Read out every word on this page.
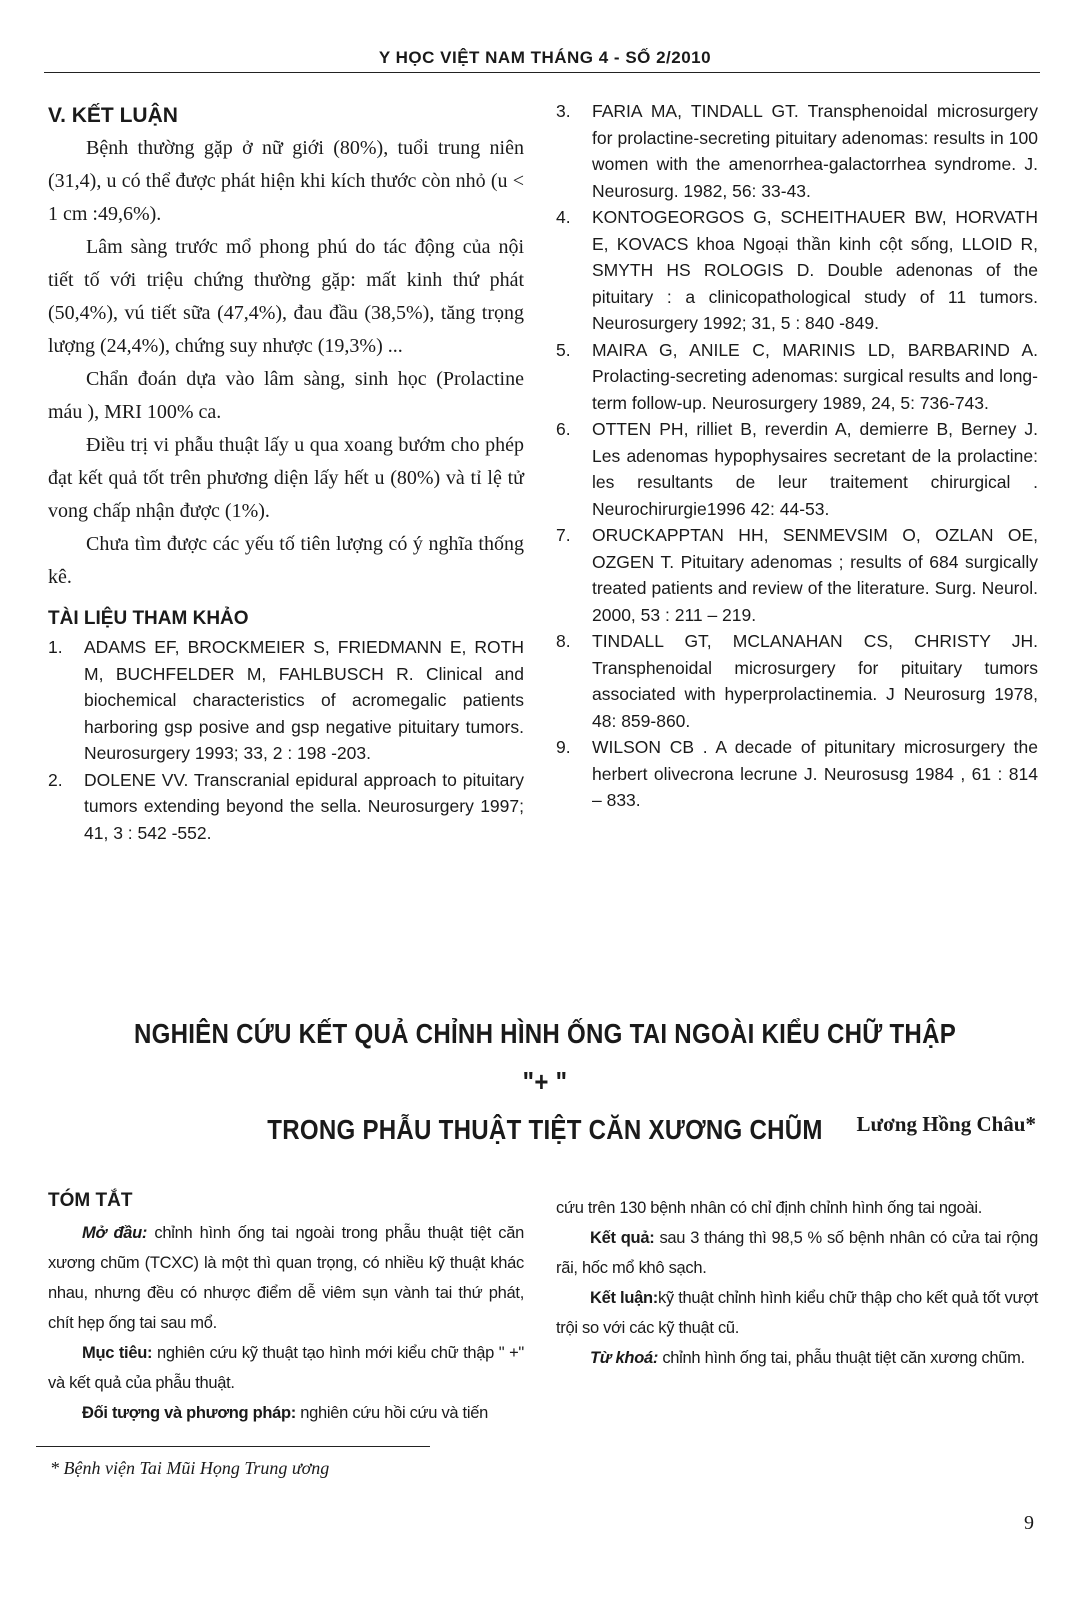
Y HỌC VIỆT NAM THÁNG 4 - SỐ 2/2010
V. KẾT LUẬN

Bệnh thường gặp ở nữ giới (80%), tuổi trung niên (31,4), u có thể được phát hiện khi kích thước còn nhỏ (u < 1 cm :49,6%).

Lâm sàng trước mổ phong phú do tác động của nội tiết tố với triệu chứng thường gặp: mất kinh thứ phát (50,4%), vú tiết sữa (47,4%), đau đầu (38,5%), tăng trọng lượng (24,4%), chứng suy nhược (19,3%) ...

Chẩn đoán dựa vào lâm sàng, sinh học (Prolactine máu ), MRI 100% ca.

Điều trị vi phẫu thuật lấy u qua xoang bướm cho phép đạt kết quả tốt trên phương diện lấy hết u (80%) và tỉ lệ tử vong chấp nhận được (1%).

Chưa tìm được các yếu tố tiên lượng có ý nghĩa thống kê.

TÀI LIỆU THAM KHẢO
1. ADAMS EF, BROCKMEIER S, FRIEDMANN E, ROTH M, BUCHFELDER M, FAHLBUSCH R. Clinical and biochemical characteristics of acromegalic patients harboring gsp posive and gsp negative pituitary tumors. Neurosurgery 1993; 33, 2 : 198 -203.
2. DOLENE VV. Transcranial epidural approach to pituitary tumors extending beyond the sella. Neurosurgery 1997; 41, 3 : 542 -552.
3. FARIA MA, TINDALL GT. Transphenoidal microsurgery for prolactine-secreting pituitary adenomas: results in 100 women with the amenorrhea-galactorrhea syndrome. J. Neurosurg. 1982, 56: 33-43.
4. KONTOGEORGOS G, SCHEITHAUER BW, HORVATH E, KOVACS khoa Ngoại thần kinh cột sống, LLOID R, SMYTH HS ROLOGIS D. Double adenonas of the pituitary : a clinicopathological study of 11 tumors. Neurosurgery 1992; 31, 5 : 840 -849.
5. MAIRA G, ANILE C, MARINIS LD, BARBARIND A. Prolacting-secreting adenomas: surgical results and long-term follow-up. Neurosurgery 1989, 24, 5: 736-743.
6. OTTEN PH, rilliet B, reverdin A, demierre B, Berney J. Les adenomas hypophysaires secretant de la prolactine: les resultants de leur traitement chirurgical . Neurochirurgie1996 42: 44-53.
7. ORUCKAPPTAN HH, SENMEVSIM O, OZLAN OE, OZGEN T. Pituitary adenomas ; results of 684 surgically treated patients and review of the literature. Surg. Neurol. 2000, 53 : 211 – 219.
8. TINDALL GT, MCLANAHAN CS, CHRISTY JH. Transphenoidal microsurgery for pituitary tumors associated with hyperprolactinemia. J Neurosurg 1978, 48: 859-860.
9. WILSON CB . A decade of pitunitary microsurgery the herbert olivecrona lecrune J. Neurosusg 1984 , 61 : 814 – 833.
NGHIÊN CỨU KẾT QUẢ CHỈNH HÌNH ỐNG TAI NGOÀI KIỂU CHỮ THẬP "+ "
TRONG PHẪU THUẬT TIỆT CĂN XƯƠNG CHŨM	Lương Hồng Châu*
TÓM TẮT

Mở đầu: chỉnh hình ống tai ngoài trong phẫu thuật tiệt căn xương chũm (TCXC) là một thì quan trọng, có nhiều kỹ thuật khác nhau, nhưng đều có nhược điểm dễ viêm sụn vành tai thứ phát, chít hẹp ống tai sau mổ.

Mục tiêu: nghiên cứu kỹ thuật tạo hình mới kiểu chữ thập " +" và kết quả của phẫu thuật.

Đối tượng và phương pháp: nghiên cứu hồi cứu và tiến

cứu trên 130 bệnh nhân có chỉ định chỉnh hình ống tai ngoài.

Kết quả: sau 3 tháng thì 98,5 % số bệnh nhân có cửa tai rộng rãi, hốc mổ khô sạch.

Kết luận:kỹ thuật chỉnh hình kiểu chữ thập cho kết quả tốt vượt trội so với các kỹ thuật cũ.

Từ khoá: chỉnh hình ống tai, phẫu thuật tiệt căn xương chũm.

* Bệnh viện Tai Mũi Họng Trung ương
9
